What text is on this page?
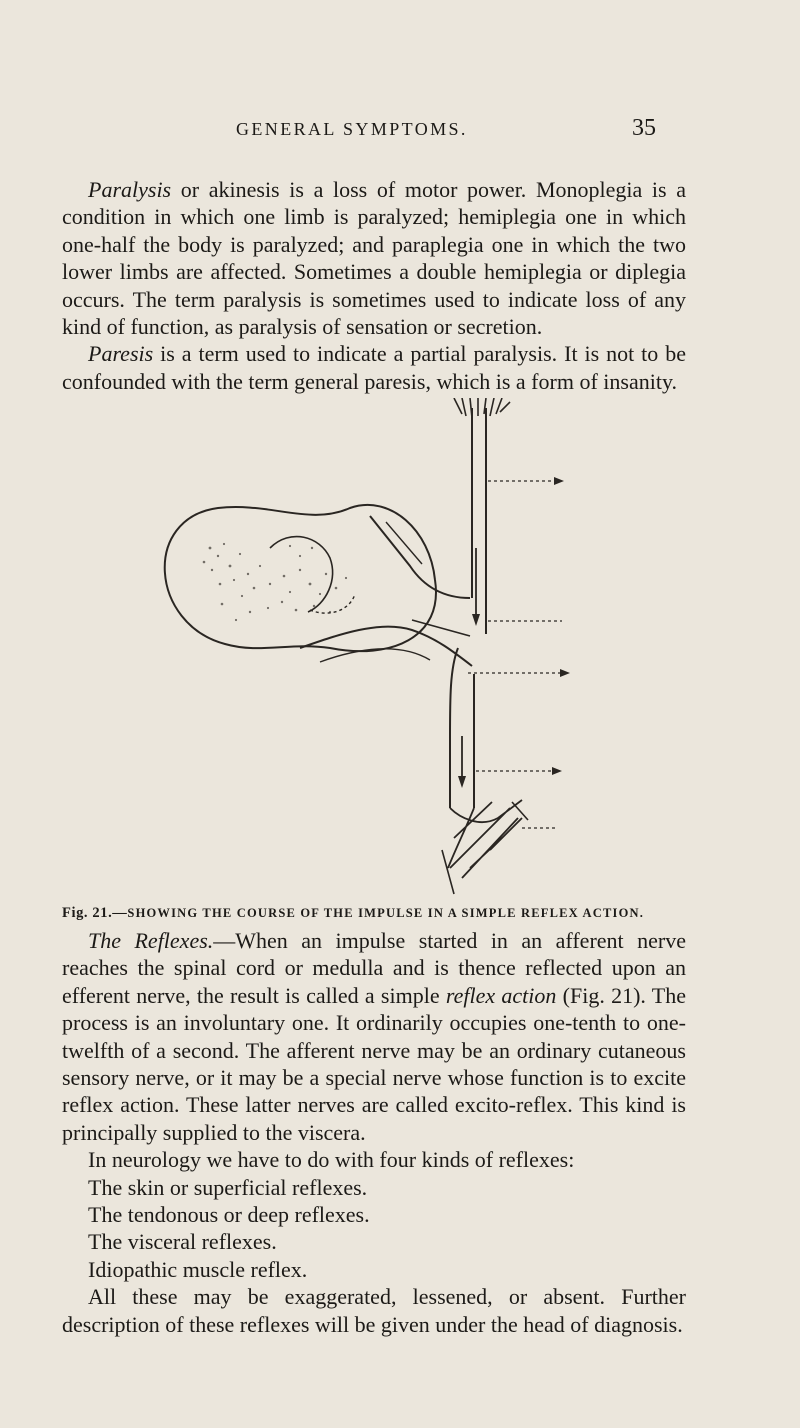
GENERAL SYMPTOMS.	35

Paralysis or akinesis is a loss of motor power. Monoplegia is a condition in which one limb is paralyzed; hemiplegia one in which one-half the body is paralyzed; and paraplegia one in which the two lower limbs are affected. Sometimes a double hemiplegia or diplegia occurs. The term paralysis is sometimes used to indicate loss of any kind of function, as paralysis of sensation or secretion.

Paresis is a term used to indicate a partial paralysis. It is not to be confounded with the term general paresis, which is a form of insanity.

Fig. 21.—SHOWING THE COURSE OF THE IMPULSE IN A SIMPLE REFLEX ACTION.

The Reflexes.—When an impulse started in an afferent nerve reaches the spinal cord or medulla and is thence reflected upon an efferent nerve, the result is called a simple reflex action (Fig. 21). The process is an involuntary one. It ordinarily occupies one-tenth to one-twelfth of a second. The afferent nerve may be an ordinary cutaneous sensory nerve, or it may be a special nerve whose function is to excite reflex action. These latter nerves are called excito-reflex. This kind is principally supplied to the viscera.

In neurology we have to do with four kinds of reflexes:

The skin or superficial reflexes.
The tendonous or deep reflexes.
The visceral reflexes.
Idiopathic muscle reflex.

All these may be exaggerated, lessened, or absent. Further description of these reflexes will be given under the head of diagnosis.
